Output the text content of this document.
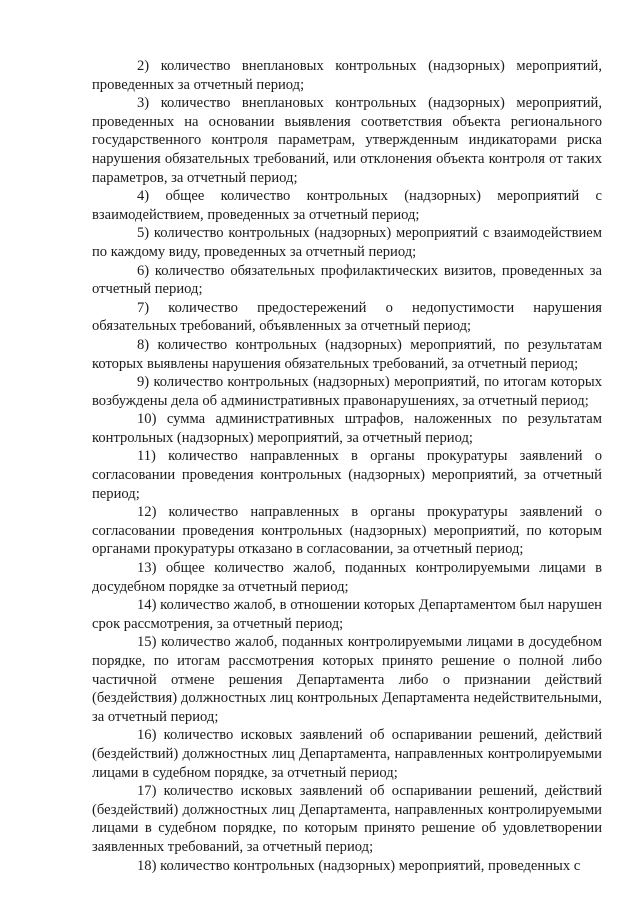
2) количество внеплановых контрольных (надзорных) мероприятий, проведенных за отчетный период;

3) количество внеплановых контрольных (надзорных) мероприятий, проведенных на основании выявления соответствия объекта регионального государственного контроля параметрам, утвержденным индикаторами риска нарушения обязательных требований, или отклонения объекта контроля от таких параметров, за отчетный период;

4) общее количество контрольных (надзорных) мероприятий с взаимодействием, проведенных за отчетный период;

5) количество контрольных (надзорных) мероприятий с взаимодействием по каждому виду, проведенных за отчетный период;

6) количество обязательных профилактических визитов, проведенных за отчетный период;

7) количество предостережений о недопустимости нарушения обязательных требований, объявленных за отчетный период;

8) количество контрольных (надзорных) мероприятий, по результатам которых выявлены нарушения обязательных требований, за отчетный период;

9) количество контрольных (надзорных) мероприятий, по итогам которых возбуждены дела об административных правонарушениях, за отчетный период;

10) сумма административных штрафов, наложенных по результатам контрольных (надзорных) мероприятий, за отчетный период;

11) количество направленных в органы прокуратуры заявлений о согласовании проведения контрольных (надзорных) мероприятий, за отчетный период;

12) количество направленных в органы прокуратуры заявлений о согласовании проведения контрольных (надзорных) мероприятий, по которым органами прокуратуры отказано в согласовании, за отчетный период;

13) общее количество жалоб, поданных контролируемыми лицами в досудебном порядке за отчетный период;

14) количество жалоб, в отношении которых Департаментом был нарушен срок рассмотрения, за отчетный период;

15) количество жалоб, поданных контролируемыми лицами в досудебном порядке, по итогам рассмотрения которых принято решение о полной либо частичной отмене решения Департамента либо о признании действий (бездействия) должностных лиц контрольных Департамента недействительными, за отчетный период;

16) количество исковых заявлений об оспаривании решений, действий (бездействий) должностных лиц Департамента, направленных контролируемыми лицами в судебном порядке, за отчетный период;

17) количество исковых заявлений об оспаривании решений, действий (бездействий) должностных лиц Департамента, направленных контролируемыми лицами в судебном порядке, по которым принято решение об удовлетворении заявленных требований, за отчетный период;

18) количество контрольных (надзорных) мероприятий, проведенных с
